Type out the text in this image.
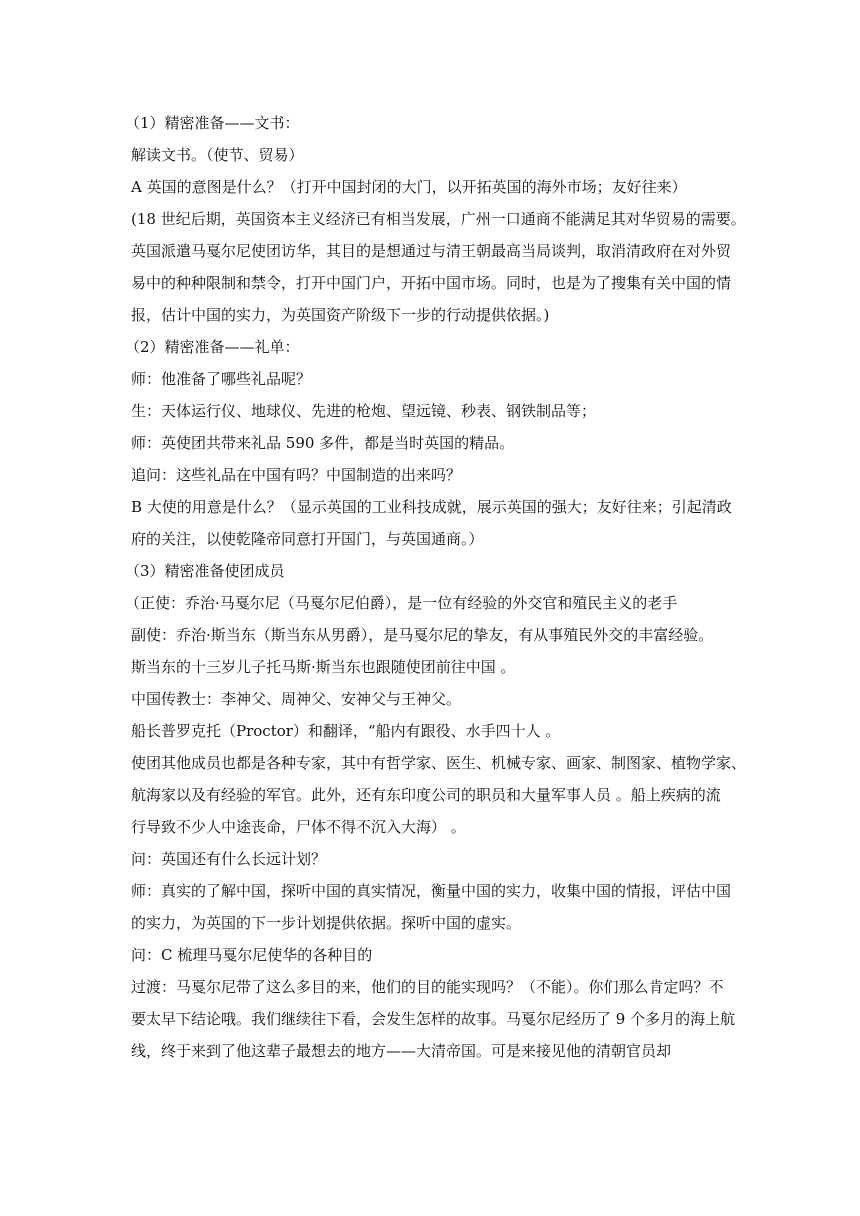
（1）精密准备——文书：
解读文书。（使节、贸易）
A 英国的意图是什么？（打开中国封闭的大门，以开拓英国的海外市场；友好往来）
(18 世纪后期，英国资本主义经济已有相当发展，广州一口通商不能满足其对华贸易的需要。
英国派遣马戛尔尼使团访华，其目的是想通过与清王朝最高当局谈判，取消清政府在对外贸
易中的种种限制和禁令，打开中国门户，开拓中国市场。同时，也是为了搜集有关中国的情
报，估计中国的实力，为英国资产阶级下一步的行动提供依据。)
（2）精密准备——礼单：
师：他准备了哪些礼品呢？
生：天体运行仪、地球仪、先进的枪炮、望远镜、秒表、钢铁制品等；
师：英使团共带来礼品 590 多件，都是当时英国的精品。
追问：这些礼品在中国有吗？中国制造的出来吗？
B 大使的用意是什么？（显示英国的工业科技成就，展示英国的强大；友好往来；引起清政
府的关注，以使乾隆帝同意打开国门，与英国通商。）
（3）精密准备使团成员
（正使：乔治·马戛尔尼（马戛尔尼伯爵），是一位有经验的外交官和殖民主义的老手
副使：乔治·斯当东（斯当东从男爵），是马戛尔尼的挚友，有从事殖民外交的丰富经验。
斯当东的十三岁儿子托马斯·斯当东也跟随使团前往中国 。
中国传教士：李神父、周神父、安神父与王神父。
船长普罗克托（Proctor）和翻译，“船内有跟役、水手四十人 。
使团其他成员也都是各种专家，其中有哲学家、医生、机械专家、画家、制图家、植物学家、
航海家以及有经验的军官。此外，还有东印度公司的职员和大量军事人员 。船上疾病的流
行导致不少人中途丧命，尸体不得不沉入大海） 。
问：英国还有什么长远计划？
师：真实的了解中国，探听中国的真实情况，衡量中国的实力，收集中国的情报，评估中国
的实力，为英国的下一步计划提供依据。探听中国的虚实。
问：C 梳理马戛尔尼使华的各种目的
过渡：马戛尔尼带了这么多目的来，他们的目的能实现吗？（不能）。你们那么肯定吗？不
要太早下结论哦。我们继续往下看，会发生怎样的故事。马戛尔尼经历了 9 个多月的海上航
线，终于来到了他这辈子最想去的地方——大清帝国。可是来接见他的清朝官员却
